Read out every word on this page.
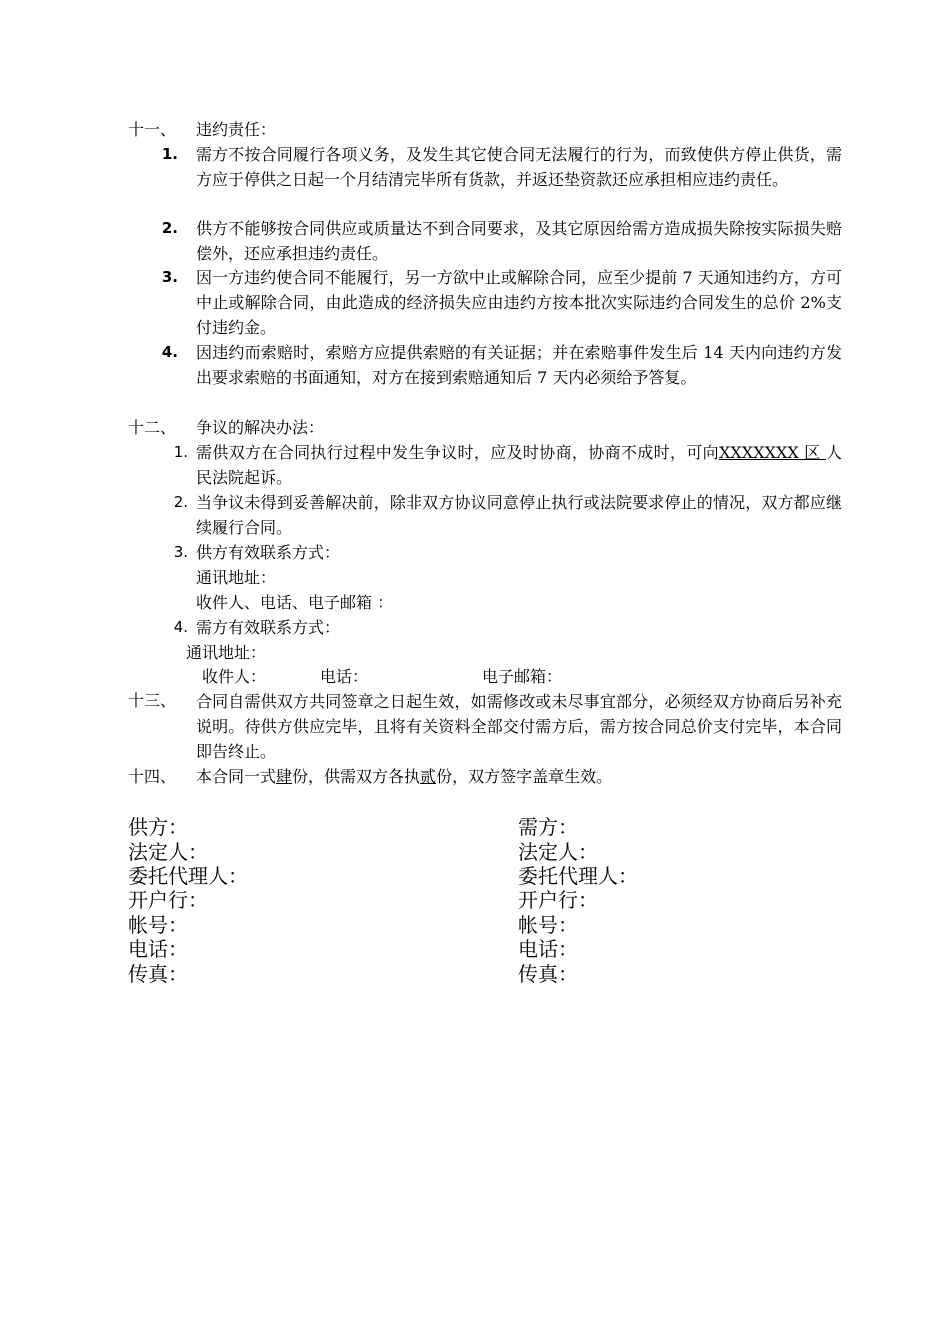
十一、 违约责任：
1. 需方不按合同履行各项义务，及发生其它使合同无法履行的行为，而致使供方停止供货，需方应于停供之日起一个月结清完毕所有货款，并返还垫资款还应承担相应违约责任。
2. 供方不能够按合同供应或质量达不到合同要求，及其它原因给需方造成损失除按实际损失赔偿外，还应承担违约责任。
3. 因一方违约使合同不能履行，另一方欲中止或解除合同，应至少提前 7 天通知违约方，方可中止或解除合同，由此造成的经济损失应由违约方按本批次实际违约合同发生的总价 2%支付违约金。
4. 因违约而索赔时，索赔方应提供索赔的有关证据；并在索赔事件发生后 14 天内向违约方发出要求索赔的书面通知，对方在接到索赔通知后 7 天内必须给予答复。
十二、 争议的解决办法：
1. 需供双方在合同执行过程中发生争议时，应及时协商，协商不成时，可向XXXXXXX 区 人民法院起诉。
2. 当争议未得到妥善解决前，除非双方协议同意停止执行或法院要求停止的情况，双方都应继续履行合同。
3. 供方有效联系方式：
通讯地址：
收件人、电话、电子邮箱 ：
4. 需方有效联系方式：
通讯地址：
收件人：	电话：	电子邮箱：
十三、 合同自需供双方共同签章之日起生效，如需修改或未尽事宜部分，必须经双方协商后另补充说明。待供方供应完毕，且将有关资料全部交付需方后，需方按合同总价支付完毕，本合同即告终止。
十四、 本合同一式肆份，供需双方各执贰份，双方签字盖章生效。
供方：
法定人：
委托代理人：
开户行：
帐号：
电话：
传真：
需方：
法定人：
委托代理人：
开户行：
帐号：
电话：
传真：
